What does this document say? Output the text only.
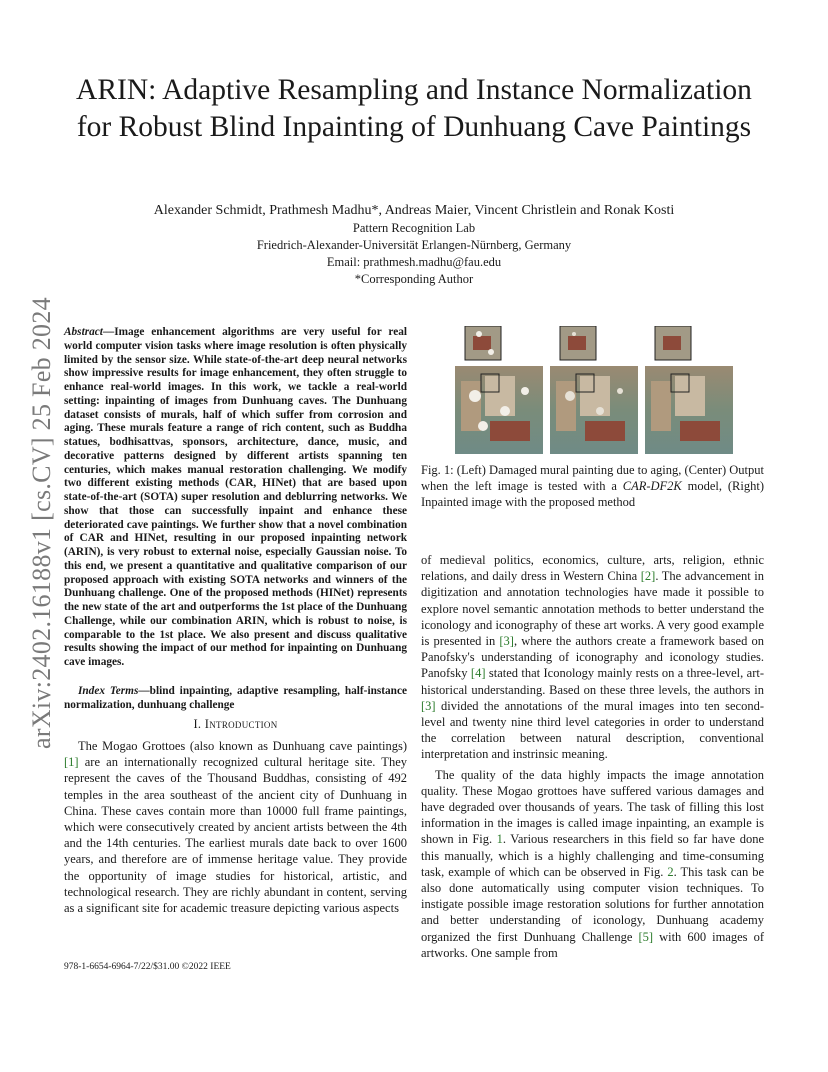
arXiv:2402.16188v1 [cs.CV] 25 Feb 2024
ARIN: Adaptive Resampling and Instance Normalization for Robust Blind Inpainting of Dunhuang Cave Paintings
Alexander Schmidt, Prathmesh Madhu*, Andreas Maier, Vincent Christlein and Ronak Kosti
Pattern Recognition Lab
Friedrich-Alexander-Universität Erlangen-Nürnberg, Germany
Email: prathmesh.madhu@fau.edu
*Corresponding Author
Abstract—Image enhancement algorithms are very useful for real world computer vision tasks where image resolution is often physically limited by the sensor size. While state-of-the-art deep neural networks show impressive results for image enhancement, they often struggle to enhance real-world images. In this work, we tackle a real-world setting: inpainting of images from Dunhuang caves. The Dunhuang dataset consists of murals, half of which suffer from corrosion and aging. These murals feature a range of rich content, such as Buddha statues, bodhisattvas, sponsors, architecture, dance, music, and decorative patterns designed by different artists spanning ten centuries, which makes manual restoration challenging. We modify two different existing methods (CAR, HINet) that are based upon state-of-the-art (SOTA) super resolution and deblurring networks. We show that those can successfully inpaint and enhance these deteriorated cave paintings. We further show that a novel combination of CAR and HINet, resulting in our proposed inpainting network (ARIN), is very robust to external noise, especially Gaussian noise. To this end, we present a quantitative and qualitative comparison of our proposed approach with existing SOTA networks and winners of the Dunhuang challenge. One of the proposed methods (HINet) represents the new state of the art and outperforms the 1st place of the Dunhuang Challenge, while our combination ARIN, which is robust to noise, is comparable to the 1st place. We also present and discuss qualitative results showing the impact of our method for inpainting on Dunhuang cave images.
Index Terms—blind inpainting, adaptive resampling, half-instance normalization, dunhuang challenge
I. Introduction

The Mogao Grottoes (also known as Dunhuang cave paintings) [1] are an internationally recognized cultural heritage site. They represent the caves of the Thousand Buddhas, consisting of 492 temples in the area southeast of the ancient city of Dunhuang in China. These caves contain more than 10000 full frame paintings, which were consecutively created by ancient artists between the 4th and the 14th centuries. The earliest murals date back to over 1600 years, and therefore are of immense heritage value. They provide the opportunity of image studies for historical, artistic, and technological research. They are richly abundant in content, serving as a significant site for academic treasure depicting various aspects

978-1-6654-6964-7/22/$31.00 ©2022 IEEE
Fig. 1: (Left) Damaged mural painting due to aging, (Center) Output when the left image is tested with a CAR-DF2K model, (Right) Inpainted image with the proposed method

of medieval politics, economics, culture, arts, religion, ethnic relations, and daily dress in Western China [2]. The advancement in digitization and annotation technologies have made it possible to explore novel semantic annotation methods to better understand the iconology and iconography of these art works. A very good example is presented in [3], where the authors create a framework based on Panofsky's understanding of iconography and iconology studies. Panofsky [4] stated that Iconology mainly rests on a three-level, art-historical understanding. Based on these three levels, the authors in [3] divided the annotations of the mural images into ten second-level and twenty nine third level categories in order to understand the correlation between natural description, conventional interpretation and instrinsic meaning.

The quality of the data highly impacts the image annotation quality. These Mogao grottoes have suffered various damages and have degraded over thousands of years. The task of filling this lost information in the images is called image inpainting, an example is shown in Fig. 1. Various researchers in this field so far have done this manually, which is a highly challenging and time-consuming task, example of which can be observed in Fig. 2. This task can be also done automatically using computer vision techniques. To instigate possible image restoration solutions for further annotation and better understanding of iconology, Dunhuang academy organized the first Dunhuang Challenge [5] with 600 images of artworks. One sample from
